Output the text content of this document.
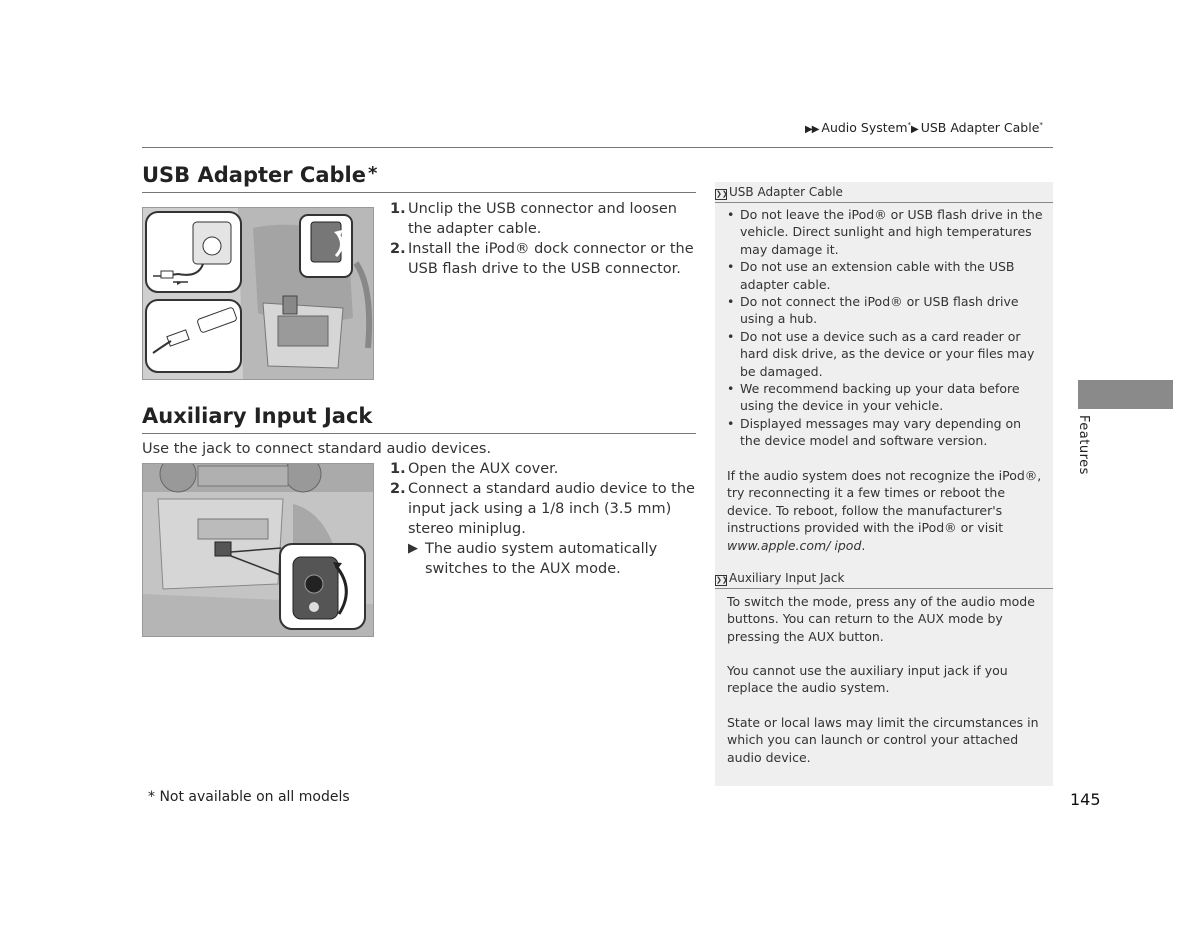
▶▶ Audio System*▶ USB Adapter Cable*
USB Adapter Cable *
1. Unclip the USB connector and loosen the adapter cable.
2. Install the iPod® dock connector or the USB flash drive to the USB connector.
Auxiliary Input Jack
Use the jack to connect standard audio devices.
1. Open the AUX cover.
2. Connect a standard audio device to the input jack using a 1/8 inch (3.5 mm) stereo miniplug.
▶ The audio system automatically switches to the AUX mode.
❯❯USB Adapter Cable
• Do not leave the iPod® or USB flash drive in the vehicle. Direct sunlight and high temperatures may damage it.
• Do not use an extension cable with the USB adapter cable.
• Do not connect the iPod® or USB flash drive using a hub.
• Do not use a device such as a card reader or hard disk drive, as the device or your files may be damaged.
• We recommend backing up your data before using the device in your vehicle.
• Displayed messages may vary depending on the device model and software version.

If the audio system does not recognize the iPod®, try reconnecting it a few times or reboot the device. To reboot, follow the manufacturer's instructions provided with the iPod® or visit www.apple.com/ ipod.

❯❯Auxiliary Input Jack

To switch the mode, press any of the audio mode buttons. You can return to the AUX mode by pressing the AUX button.

You cannot use the auxiliary input jack if you replace the audio system.

State or local laws may limit the circumstances in which you can launch or control your attached audio device.

Features
* Not available on all models	145
